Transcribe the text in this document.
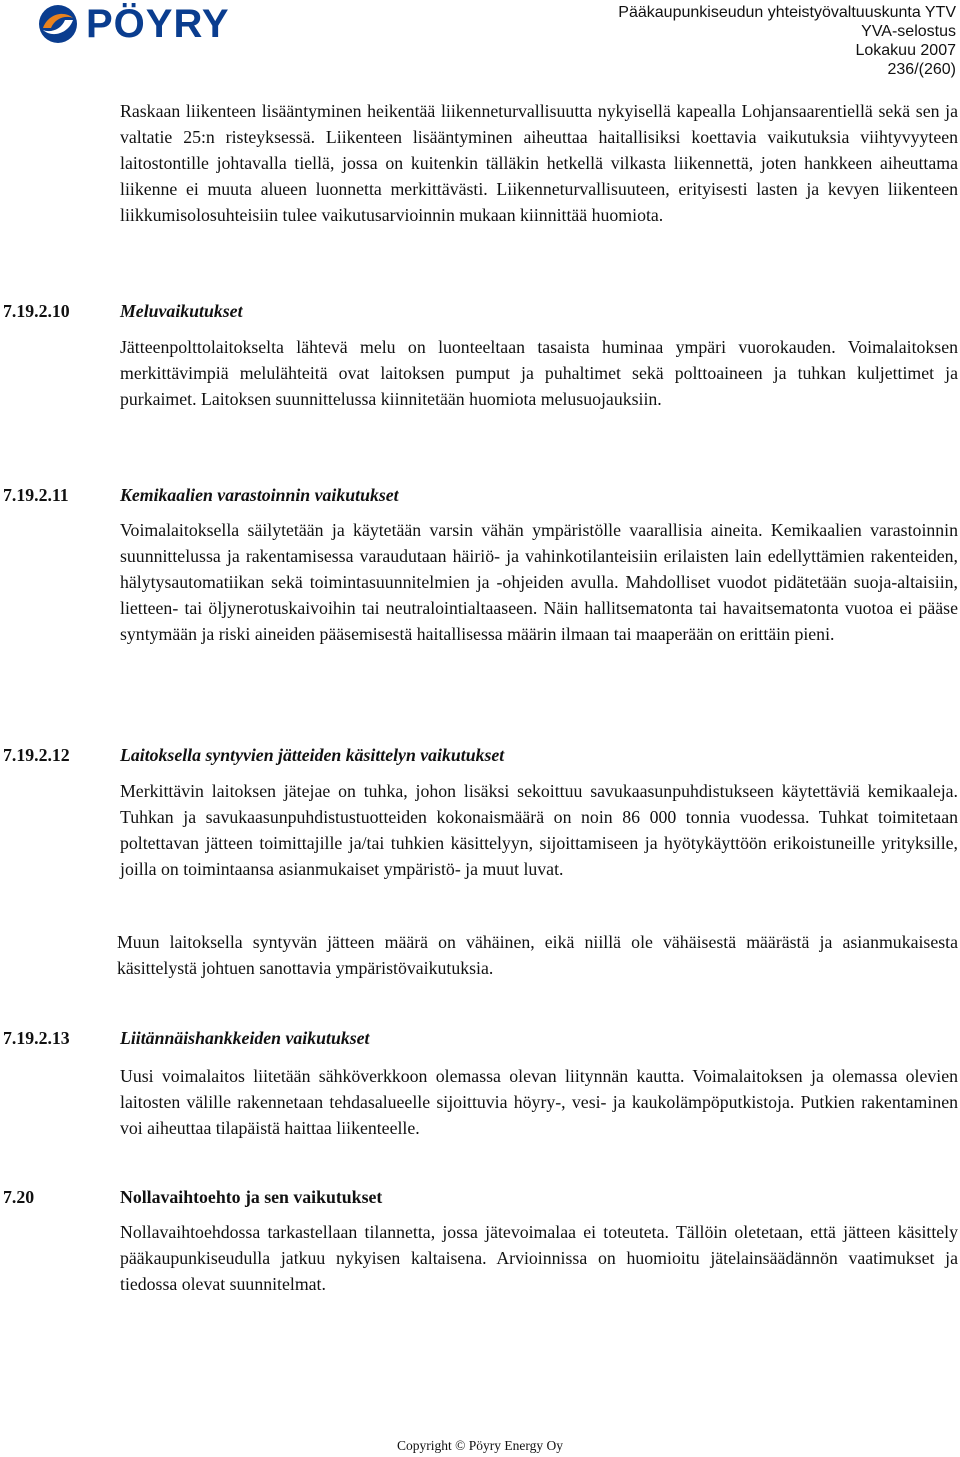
PÖYRY	Pääkaupunkiseudun yhteistyövaltuuskunta YTV
YVA-selostus
Lokakuu 2007
236/(260)

Raskaan liikenteen lisääntyminen heikentää liikenneturvallisuutta nykyisellä kapealla Lohjansaarentiellä sekä sen ja valtatie 25:n risteyksessä. Liikenteen lisääntyminen aiheuttaa haitallisiksi koettavia vaikutuksia viihtyvyyteen laitostontille johtavalla tiellä, jossa on kuitenkin tälläkin hetkellä vilkasta liikennettä, joten hankkeen aiheuttama liikenne ei muuta alueen luonnetta merkittävästi. Liikenneturvallisuuteen, erityisesti lasten ja kevyen liikenteen liikkumisolosuhteisiin tulee vaikutusarvioinnin mukaan kiinnittää huomiota.

7.19.2.10	Meluvaikutukset

Jätteenpolttolaitokselta lähtevä melu on luonteeltaan tasaista huminaa ympäri vuorokauden. Voimalaitoksen merkittävimpiä melulähteitä ovat laitoksen pumput ja puhaltimet sekä polttoaineen ja tuhkan kuljettimet ja purkaimet. Laitoksen suunnittelussa kiinnitetään huomiota melusuojauksiin.

7.19.2.11	Kemikaalien varastoinnin vaikutukset

Voimalaitoksella säilytetään ja käytetään varsin vähän ympäristölle vaarallisia aineita. Kemikaalien varastoinnin suunnittelussa ja rakentamisessa varaudutaan häiriö- ja vahinkotilanteisiin erilaisten lain edellyttämien rakenteiden, hälytysautomatiikan sekä toimintasuunnitelmien ja -ohjeiden avulla. Mahdolliset vuodot pidätetään suoja-altaisiin, lietteen- tai öljynerotuskaivoihin tai neutralointialtaaseen. Näin hallitsematonta tai havaitsematonta vuotoa ei pääse syntymään ja riski aineiden pääsemisestä haitallisessa määrin ilmaan tai maaperään on erittäin pieni.

7.19.2.12	Laitoksella syntyvien jätteiden käsittelyn vaikutukset

Merkittävin laitoksen jätejae on tuhka, johon lisäksi sekoittuu savukaasunpuhdistukseen käytettäviä kemikaaleja. Tuhkan ja savukaasunpuhdistustuotteiden kokonaismäärä on noin 86 000 tonnia vuodessa. Tuhkat toimitetaan poltettavan jätteen toimittajille ja/tai tuhkien käsittelyyn, sijoittamiseen ja hyötykäyttöön erikoistuneille yrityksille, joilla on toimintaansa asianmukaiset ympäristö- ja muut luvat.

Muun laitoksella syntyvän jätteen määrä on vähäinen, eikä niillä ole vähäisestä määrästä ja asianmukaisesta käsittelystä johtuen sanottavia ympäristövaikutuksia.

7.19.2.13	Liitännäishankkeiden vaikutukset

Uusi voimalaitos liitetään sähköverkkoon olemassa olevan liitynnän kautta. Voimalaitoksen ja olemassa olevien laitosten välille rakennetaan tehdasalueelle sijoittuvia höyry-, vesi- ja kaukolämpöputkistoja. Putkien rakentaminen voi aiheuttaa tilapäistä haittaa liikenteelle.

7.20	Nollavaihtoehto ja sen vaikutukset

Nollavaihtoehdossa tarkastellaan tilannetta, jossa jätevoimalaa ei toteuteta. Tällöin oletetaan, että jätteen käsittely pääkaupunkiseudulla jatkuu nykyisen kaltaisena. Arvioinnissa on huomioitu jätelainsäädännön vaatimukset ja tiedossa olevat suunnitelmat.

Copyright © Pöyry Energy Oy
